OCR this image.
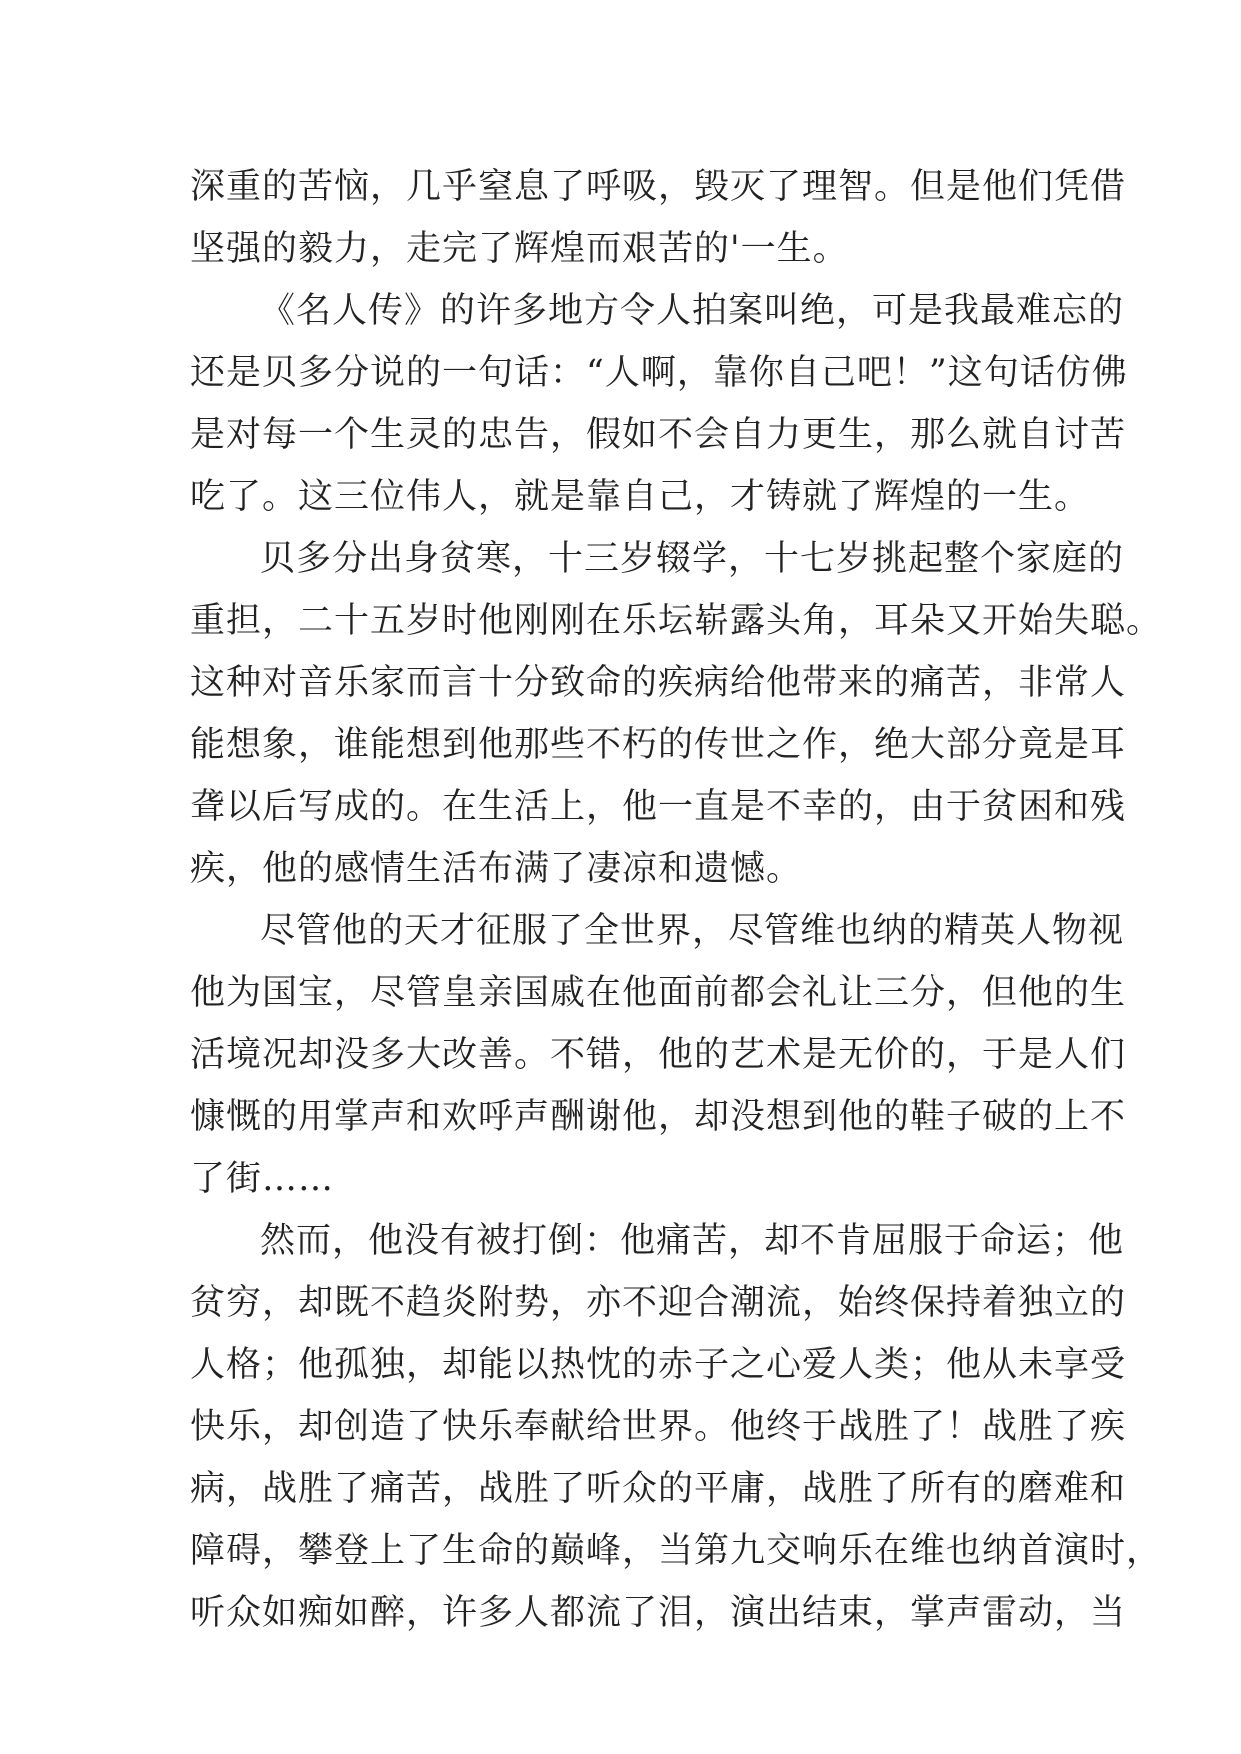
深重的苦恼，几乎窒息了呼吸，毁灭了理智。但是他们凭借
坚强的毅力，走完了辉煌而艰苦的'一生。
《名人传》的许多地方令人拍案叫绝，可是我最难忘的
还是贝多分说的一句话：“人啊，靠你自己吧！”这句话仿佛
是对每一个生灵的忠告，假如不会自力更生，那么就自讨苦
吃了。这三位伟人，就是靠自己，才铸就了辉煌的一生。
贝多分出身贫寒，十三岁辍学，十七岁挑起整个家庭的
重担，二十五岁时他刚刚在乐坛崭露头角，耳朵又开始失聪。
这种对音乐家而言十分致命的疾病给他带来的痛苦，非常人
能想象，谁能想到他那些不朽的传世之作，绝大部分竟是耳
聋以后写成的。在生活上，他一直是不幸的，由于贫困和残
疾，他的感情生活布满了凄凉和遗憾。
尽管他的天才征服了全世界，尽管维也纳的精英人物视
他为国宝，尽管皇亲国戚在他面前都会礼让三分，但他的生
活境况却没多大改善。不错，他的艺术是无价的，于是人们
慷慨的用掌声和欢呼声酬谢他，却没想到他的鞋子破的上不
了街……
然而，他没有被打倒：他痛苦，却不肯屈服于命运；他
贫穷，却既不趋炎附势，亦不迎合潮流，始终保持着独立的
人格；他孤独，却能以热忱的赤子之心爱人类；他从未享受
快乐，却创造了快乐奉献给世界。他终于战胜了！战胜了疾
病，战胜了痛苦，战胜了听众的平庸，战胜了所有的磨难和
障碍，攀登上了生命的巅峰，当第九交响乐在维也纳首演时，
听众如痴如醉，许多人都流了泪，演出结束，掌声雷动，当
